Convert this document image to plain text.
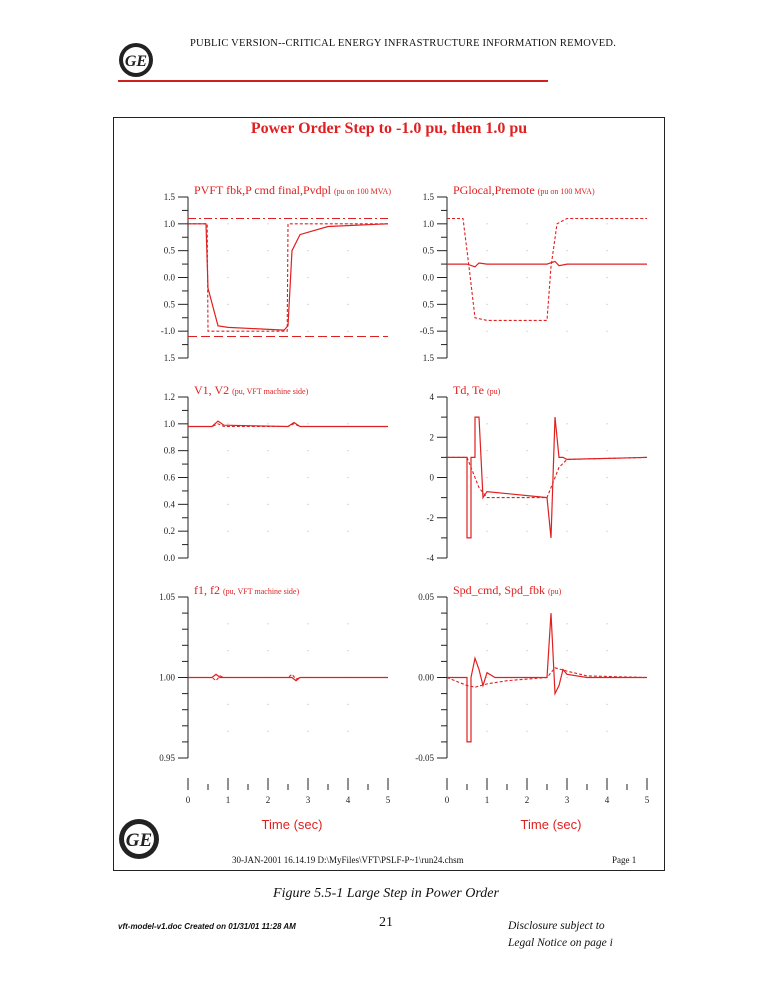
PUBLIC VERSION--CRITICAL ENERGY INFRASTRUCTURE INFORMATION REMOVED.
GE
Power Order Step to -1.0 pu, then 1.0 pu
GE
1.5
1.0
0.5
0.0
0.5
-1.0
1.5
PVFT fbk,P cmd final,Pvdpl (pu on 100 MVA)
1.5
1.0
0.5
0.0
0.5
-0.5
1.5
PGlocal,Premote (pu on 100 MVA)
1.2
1.0
0.8
0.6
0.4
0.2
0.0
V1, V2 (pu, VFT machine side)
4
2
0
-2
-4
Td, Te (pu)
1.05
1.00
0.95
f1, f2 (pu, VFT machine side)
0.05
0.00
-0.05
Spd_cmd, Spd_fbk (pu)
0	1	2	3	4	5
Time (sec)
0	1	2	3	4	5
Time (sec)
30-JAN-2001 16.14.19 D:\MyFiles\VFT\PSLF-P~1\run24.chsm	Page 1
Figure 5.5-1 Large Step in Power Order
vft-model-v1.doc Created on 01/31/01 11:28 AM	21	Disclosure subject to
Legal Notice on page i
